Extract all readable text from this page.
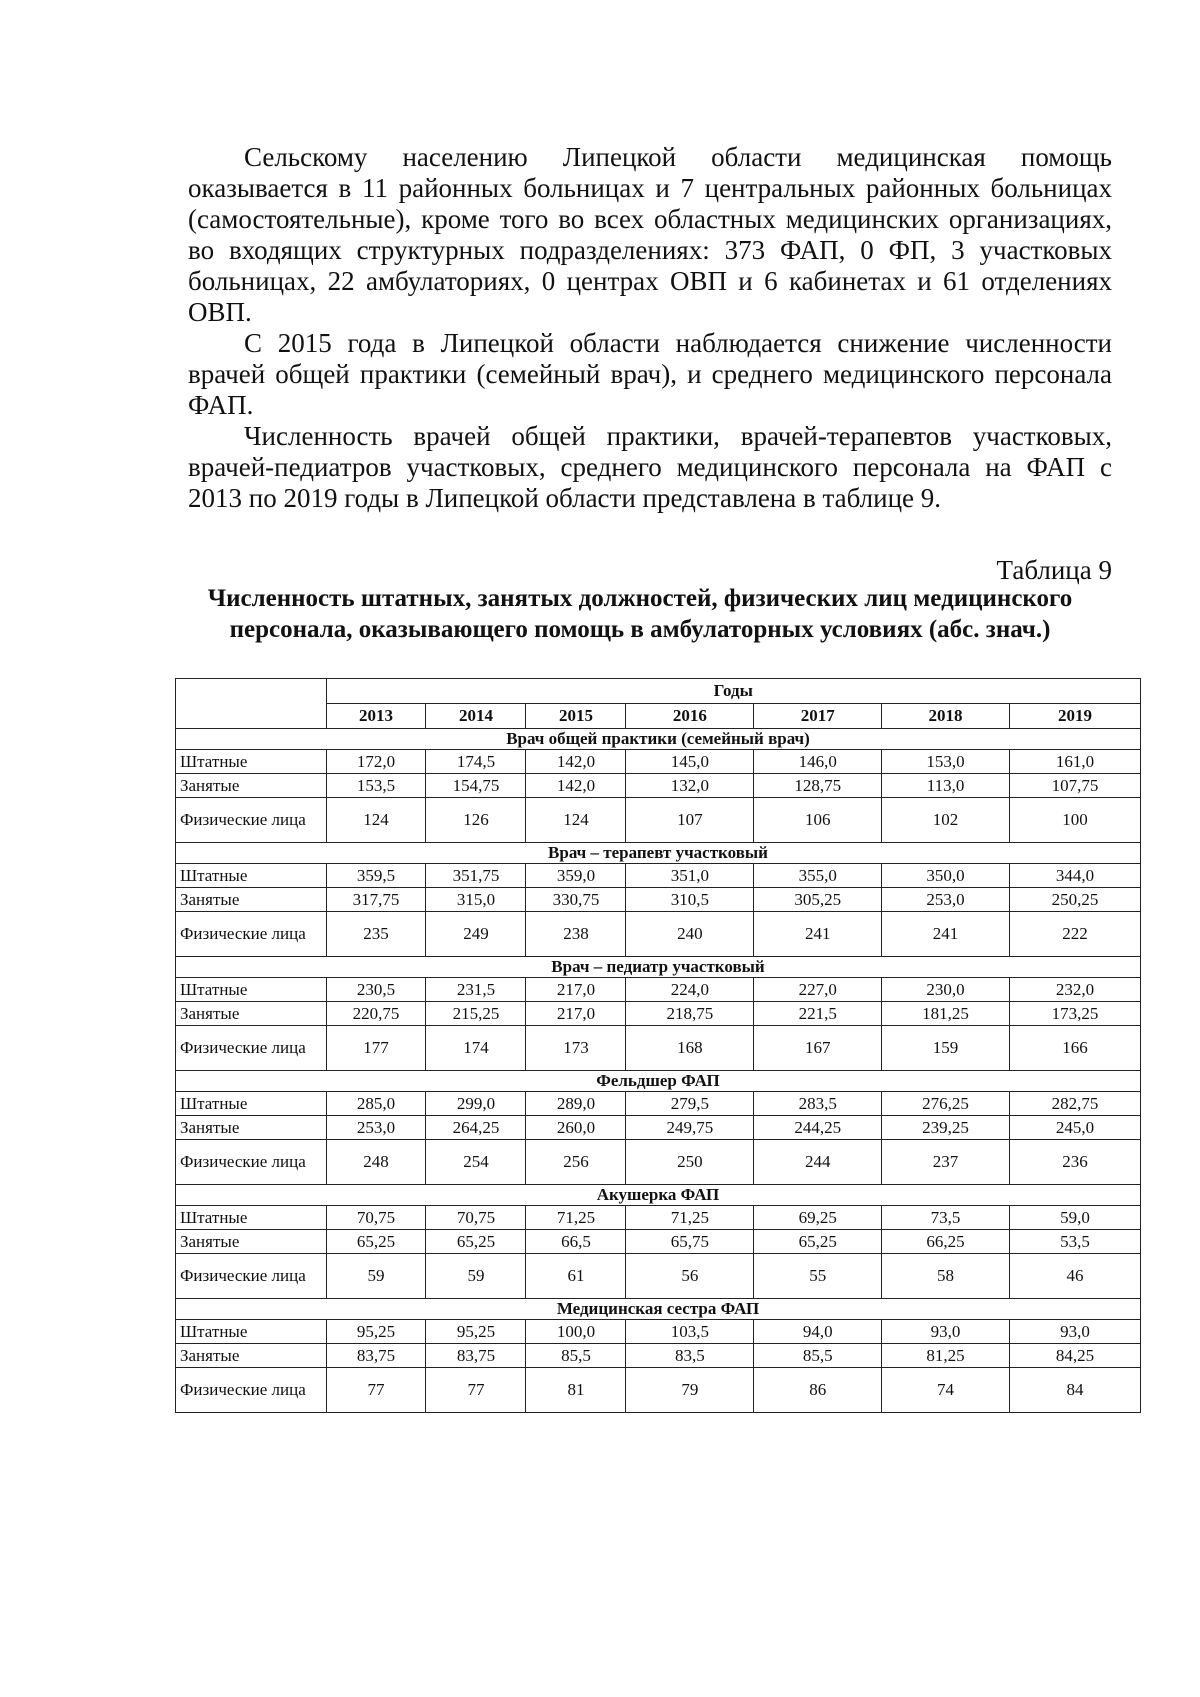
Сельскому населению Липецкой области медицинская помощь оказывается в 11 районных больницах и 7 центральных районных больницах (самостоятельные), кроме того во всех областных медицинских организациях, во входящих структурных подразделениях: 373 ФАП, 0 ФП, 3 участковых больницах, 22 амбулаториях, 0 центрах ОВП и 6 кабинетах и 61 отделениях ОВП.

С 2015 года в Липецкой области наблюдается снижение численности врачей общей практики (семейный врач), и среднего медицинского персонала ФАП.

Численность врачей общей практики, врачей-терапевтов участковых, врачей-педиатров участковых, среднего медицинского персонала на ФАП с 2013 по 2019 годы в Липецкой области представлена в таблице 9.

Таблица 9
Численность штатных, занятых должностей, физических лиц медицинского персонала, оказывающего помощь в амбулаторных условиях (абс. знач.)
	Годы						
	2013	2014	2015	2016	2017	2018	2019
Врач общей практики (семейный врач)							
Штатные	172,0	174,5	142,0	145,0	146,0	153,0	161,0
Занятые	153,5	154,75	142,0	132,0	128,75	113,0	107,75
Физические лица	124	126	124	107	106	102	100
Врач – терапевт участковый							
Штатные	359,5	351,75	359,0	351,0	355,0	350,0	344,0
Занятые	317,75	315,0	330,75	310,5	305,25	253,0	250,25
Физические лица	235	249	238	240	241	241	222
Врач – педиатр участковый							
Штатные	230,5	231,5	217,0	224,0	227,0	230,0	232,0
Занятые	220,75	215,25	217,0	218,75	221,5	181,25	173,25
Физические лица	177	174	173	168	167	159	166
Фельдшер ФАП							
Штатные	285,0	299,0	289,0	279,5	283,5	276,25	282,75
Занятые	253,0	264,25	260,0	249,75	244,25	239,25	245,0
Физические лица	248	254	256	250	244	237	236
Акушерка ФАП							
Штатные	70,75	70,75	71,25	71,25	69,25	73,5	59,0
Занятые	65,25	65,25	66,5	65,75	65,25	66,25	53,5
Физические лица	59	59	61	56	55	58	46
Медицинская сестра ФАП							
Штатные	95,25	95,25	100,0	103,5	94,0	93,0	93,0
Занятые	83,75	83,75	85,5	83,5	85,5	81,25	84,25
Физические лица	77	77	81	79	86	74	84
